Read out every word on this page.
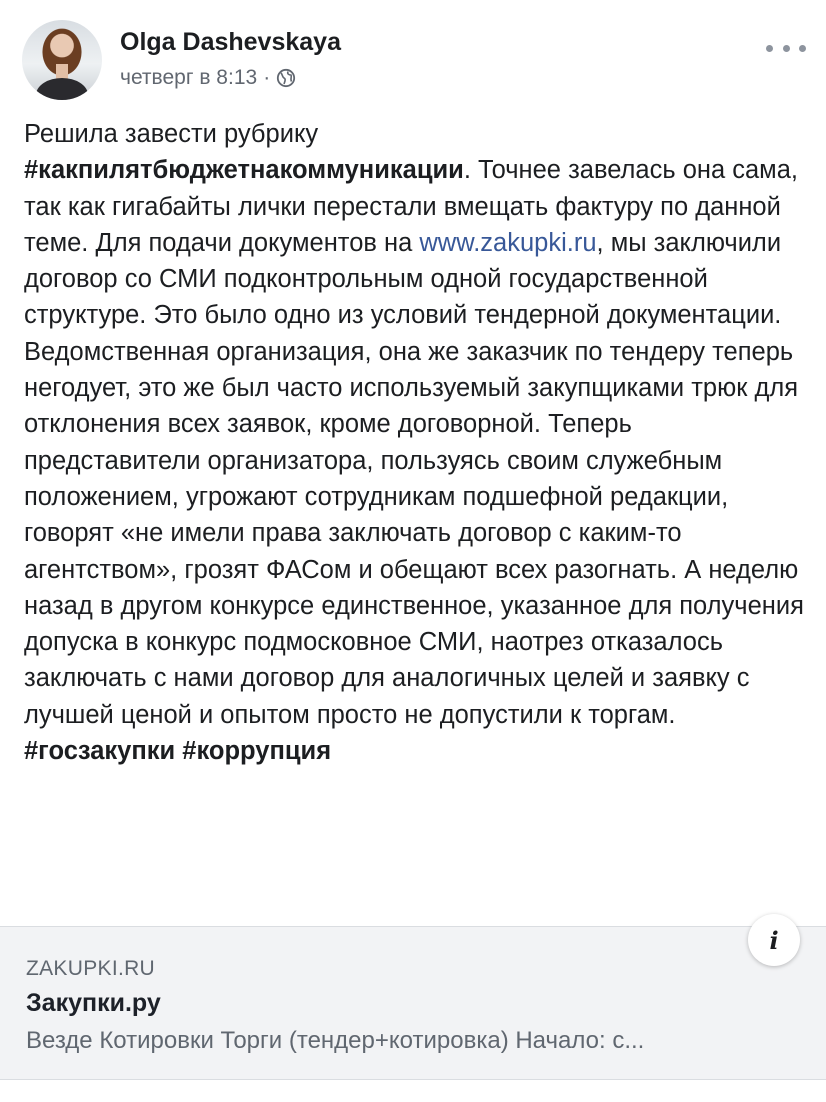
Olga Dashevskaya
четверг в 8:13 ·
Решила завести рубрику
#какпилятбюджетнакоммуникации. Точнее завелась она сама, так как гигабайты лички перестали вмещать фактуру по данной теме. Для подачи документов на www.zakupki.ru, мы заключили договор со СМИ подконтрольным одной государственной структуре. Это было одно из условий тендерной документации. Ведомственная организация, она же заказчик по тендеру теперь негодует, это же был часто используемый закупщиками трюк для отклонения всех заявок, кроме договорной. Теперь представители организатора, пользуясь своим служебным положением, угрожают сотрудникам подшефной редакции, говорят «не имели права заключать договор с каким-то агентством», грозят ФАСом и обещают всех разогнать. А неделю назад в другом конкурсе единственное, указанное для получения допуска в конкурс подмосковное СМИ, наотрез отказалось заключать с нами договор для аналогичных целей и заявку с лучшей ценой и опытом просто не допустили к торгам.
#госзакупки #коррупция
ZAKUPKI.RU
Закупки.ру
Везде Котировки Торги (тендер+котировка) Начало: с...
i
